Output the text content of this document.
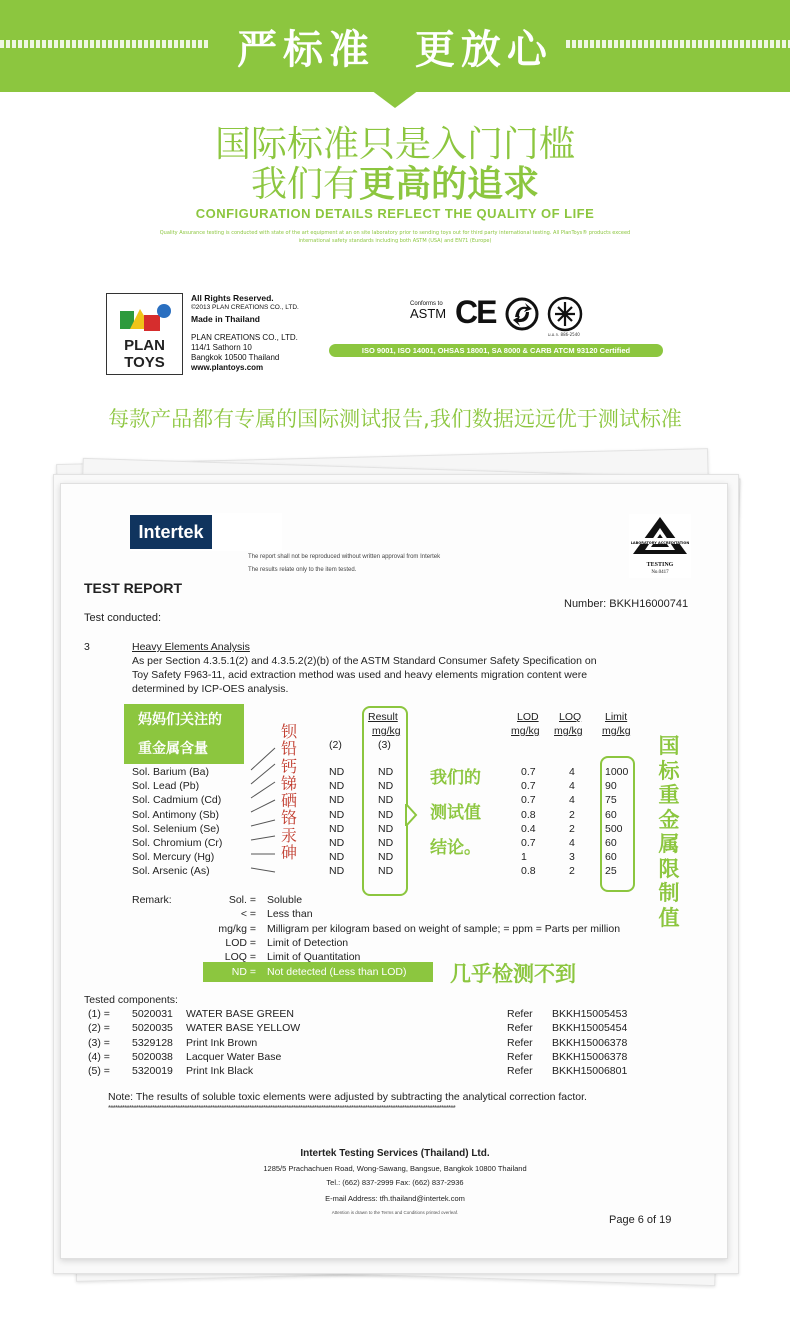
严标准  更放心
国际标准只是入门门槛
我们有更高的追求
CONFIGURATION DETAILS REFLECT THE QUALITY OF LIFE
Quality Assurance testing is conducted with state of the art equipment at an on site laboratory prior to sending toys out for third party international testing. All PlanToys® products exceed international safety standards including both ASTM (USA) and EN71 (Europe)
PLAN
TOYS
All Rights Reserved.
©2013 PLAN CREATIONS CO., LTD.
Made in Thailand
PLAN CREATIONS CO., LTD.
114/1 Sathorn 10
Bangkok 10500 Thailand
www.plantoys.com
Conforms to
ASTM CE
ม.อ.ก. 886-2540
ISO 9001, ISO 14001, OHSAS 18001, SA 8000 & CARB ATCM 93120 Certified
每款产品都有专属的国际测试报告,我们数据远远优于测试标准
Intertek
The report shall not be reproduced without written approval from Intertek
The results relate only to the item tested.
LABORATORY ACCREDITATION
TESTING
No.0417
TEST REPORT
Number: BKKH16000741
Test conducted:
3	Heavy Elements Analysis
As per Section 4.3.5.1(2) and 4.3.5.2(2)(b) of the ASTM Standard Consumer Safety Specification on
Toy Safety F963-11, acid extraction method was used and heavy elements migration content were
determined by ICP-OES analysis.
妈妈们关注的
重金属含量
Result
mg/kg
(2)	(3)
LOD
mg/kg
LOQ
mg/kg
Limit
mg/kg
Sol. Barium (Ba)	ND	ND	0.7	4	1000
Sol. Lead (Pb)	ND	ND	0.7	4	90
Sol. Cadmium (Cd)	ND	ND	0.7	4	75
Sol. Antimony (Sb)	ND	ND	0.8	2	60
Sol. Selenium (Se)	ND	ND	0.4	2	500
Sol. Chromium (Cr)	ND	ND	0.7	4	60
Sol. Mercury (Hg)	ND	ND	1	3	60
Sol. Arsenic (As)	ND	ND	0.8	2	25
钡
铅
钙
锑
硒
铬
汞
砷
我们的
测试值
结论。
国
标
重
金
属
限
制
值
Remark:	Sol. = Soluble
< = Less than
mg/kg = Milligram per kilogram based on weight of sample; = ppm = Parts per million
LOD = Limit of Detection
LOQ = Limit of Quantitation
ND = Not detected (Less than LOD) 几乎检测不到
Tested components:
(1) = 5020031 WATER BASE GREEN	Refer BKKH15005453
(2) = 5020035 WATER BASE YELLOW	Refer BKKH15005454
(3) = 5329128 Print Ink Brown	Refer BKKH15006378
(4) = 5020038 Lacquer Water Base	Refer BKKH15006378
(5) = 5320019 Print Ink Black	Refer BKKH15006801
Note: The results of soluble toxic elements were adjusted by subtracting the analytical correction factor.
******************************************************************************************************************************************************
Intertek Testing Services (Thailand) Ltd.
1285/5 Prachachuen Road, Wong-Sawang, Bangsue, Bangkok 10800 Thailand
Tel.: (662) 837-2999 Fax: (662) 837-2936
E-mail Address: tfh.thailand@intertek.com
Attention is drawn to the Terms and Conditions printed overleaf.
Page 6 of 19
